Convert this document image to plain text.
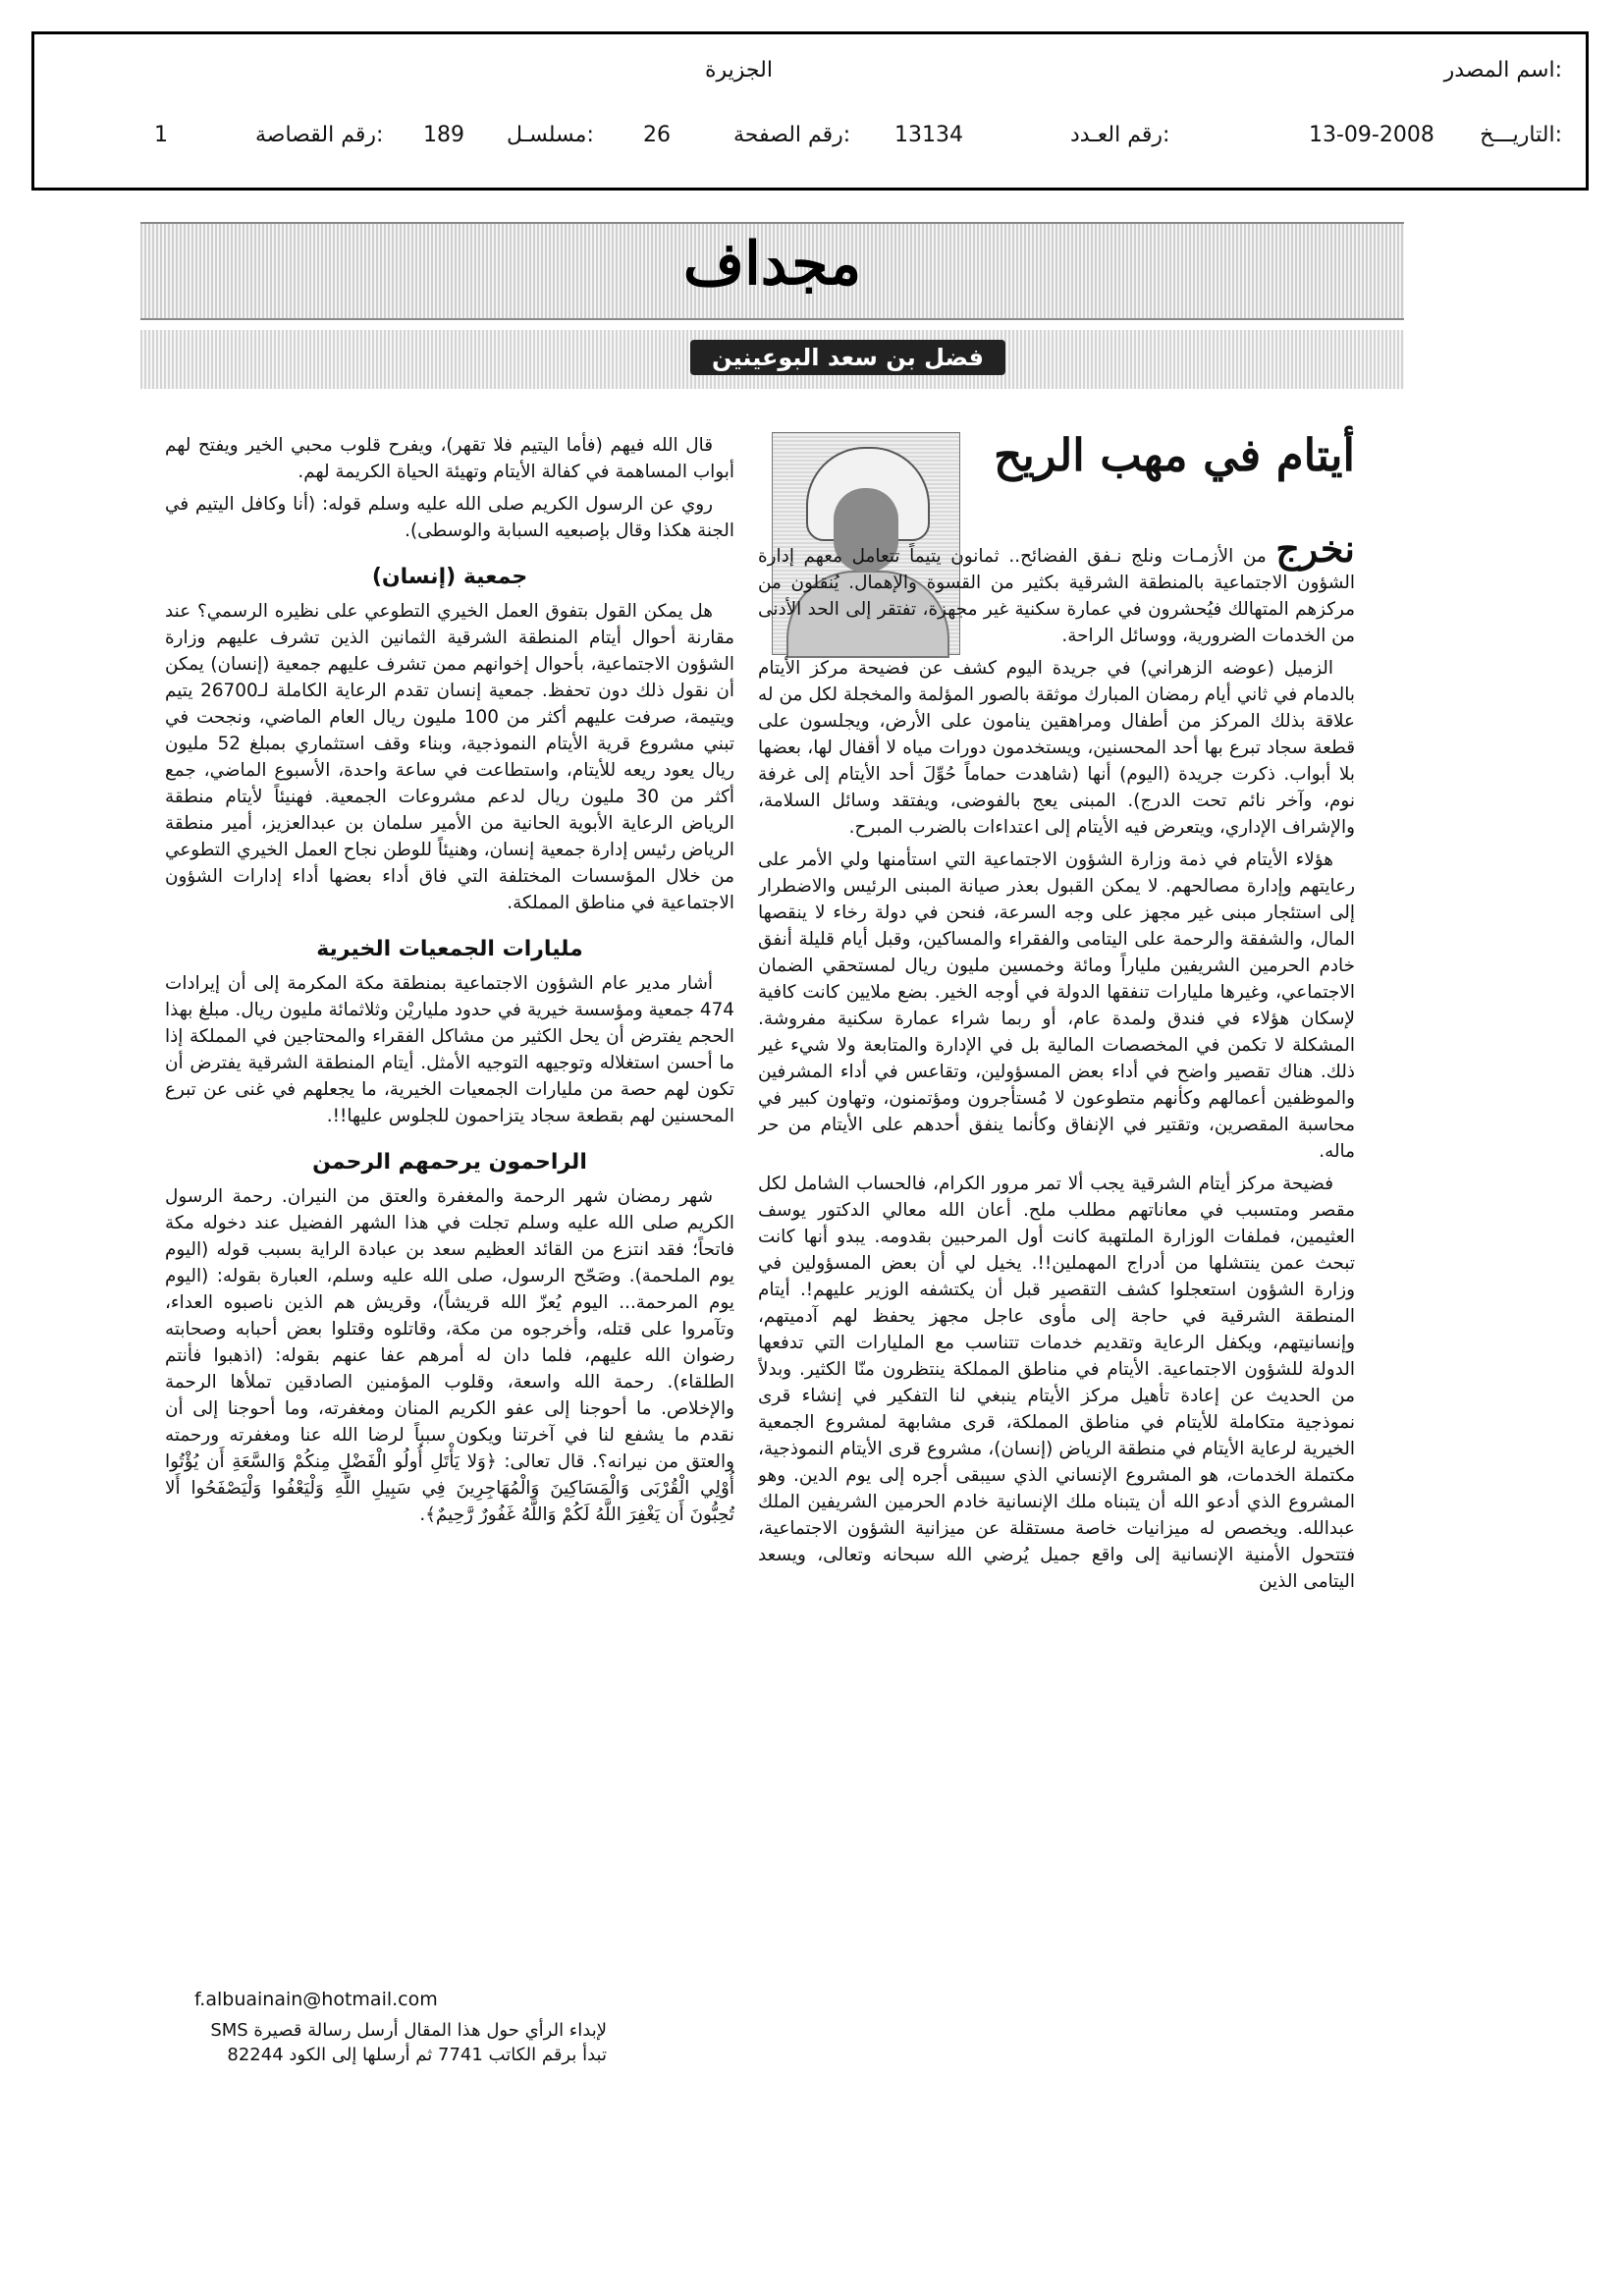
اسم المصدر:
الجزيرة
التاريـــخ:
13-09-2008
رقم العـدد:
13134
رقم الصفحة:
26
مسلسـل:
189
رقم القصاصة:
1
مجداف
فضل بن سعد البوعينين
أيتام في مهب الريح

نخرج من الأزمـات ونلج نـفق الفضائح.. ثمانون يتيماً تتعامل معهم إدارة الشؤون الاجتماعية بالمنطقة الشرقية بكثير من القسوة والإهمال. يُنقلون من مركزهم المتهالك فيُحشرون في عمارة سكنية غير مجهزة، تفتقر إلى الحد الأدنى من الخدمات الضرورية، ووسائل الراحة.

الزميل (عوضه الزهراني) في جريدة اليوم كشف عن فضيحة مركز الأيتام بالدمام في ثاني أيام رمضان المبارك موثقة بالصور المؤلمة والمخجلة لكل من له علاقة بذلك المركز من أطفال ومراهقين ينامون على الأرض، ويجلسون على قطعة سجاد تبرع بها أحد المحسنين، ويستخدمون دورات مياه لا أقفال لها، بعضها بلا أبواب. ذكرت جريدة (اليوم) أنها (شاهدت حماماً حُوِّلَ أحد الأيتام إلى غرفة نوم، وآخر نائم تحت الدرج). المبنى يعج بالفوضى، ويفتقد وسائل السلامة، والإشراف الإداري، ويتعرض فيه الأيتام إلى اعتداءات بالضرب المبرح.

هؤلاء الأيتام في ذمة وزارة الشؤون الاجتماعية التي استأمنها ولي الأمر على رعايتهم وإدارة مصالحهم. لا يمكن القبول بعذر صيانة المبنى الرئيس والاضطرار إلى استئجار مبنى غير مجهز على وجه السرعة، فنحن في دولة رخاء لا ينقصها المال، والشفقة والرحمة على اليتامى والفقراء والمساكين، وقبل أيام قليلة أنفق خادم الحرمين الشريفين ملياراً ومائة وخمسين مليون ريال لمستحقي الضمان الاجتماعي، وغيرها مليارات تنفقها الدولة في أوجه الخير. بضع ملايين كانت كافية لإسكان هؤلاء في فندق ولمدة عام، أو ربما شراء عمارة سكنية مفروشة. المشكلة لا تكمن في المخصصات المالية بل في الإدارة والمتابعة ولا شيء غير ذلك. هناك تقصير واضح في أداء بعض المسؤولين، وتقاعس في أداء المشرفين والموظفين أعمالهم وكأنهم متطوعون لا مُستأجرون ومؤتمنون، وتهاون كبير في محاسبة المقصرين، وتقتير في الإنفاق وكأنما ينفق أحدهم على الأيتام من حر ماله.

فضيحة مركز أيتام الشرقية يجب ألا تمر مرور الكرام، فالحساب الشامل لكل مقصر ومتسبب في معاناتهم مطلب ملح. أعان الله معالي الدكتور يوسف العثيمين، فملفات الوزارة الملتهبة كانت أول المرحبين بقدومه. يبدو أنها كانت تبحث عمن ينتشلها من أدراج المهملين!!. يخيل لي أن بعض المسؤولين في وزارة الشؤون استعجلوا كشف التقصير قبل أن يكتشفه الوزير عليهم!. أيتام المنطقة الشرقية في حاجة إلى مأوى عاجل مجهز يحفظ لهم آدميتهم، وإنسانيتهم، ويكفل الرعاية وتقديم خدمات تتناسب مع المليارات التي تدفعها الدولة للشؤون الاجتماعية. الأيتام في مناطق المملكة ينتظرون منّا الكثير. وبدلاً من الحديث عن إعادة تأهيل مركز الأيتام ينبغي لنا التفكير في إنشاء قرى نموذجية متكاملة للأيتام في مناطق المملكة، قرى مشابهة لمشروع الجمعية الخيرية لرعاية الأيتام في منطقة الرياض (إنسان)، مشروع قرى الأيتام النموذجية، مكتملة الخدمات، هو المشروع الإنساني الذي سيبقى أجره إلى يوم الدين. وهو المشروع الذي أدعو الله أن يتبناه ملك الإنسانية خادم الحرمين الشريفين الملك عبدالله. ويخصص له ميزانيات خاصة مستقلة عن ميزانية الشؤون الاجتماعية، فتتحول الأمنية الإنسانية إلى واقع جميل يُرضي الله سبحانه وتعالى، ويسعد اليتامى الذين

قال الله فيهم (فأما اليتيم فلا تقهر)، ويفرح قلوب محبي الخير ويفتح لهم أبواب المساهمة في كفالة الأيتام وتهيئة الحياة الكريمة لهم.

روي عن الرسول الكريم صلى الله عليه وسلم قوله: (أنا وكافل اليتيم في الجنة هكذا وقال بإصبعيه السبابة والوسطى).

جمعية (إنسان)

هل يمكن القول بتفوق العمل الخيري التطوعي على نظيره الرسمي؟ عند مقارنة أحوال أيتام المنطقة الشرقية الثمانين الذين تشرف عليهم وزارة الشؤون الاجتماعية، بأحوال إخوانهم ممن تشرف عليهم جمعية (إنسان) يمكن أن نقول ذلك دون تحفظ. جمعية إنسان تقدم الرعاية الكاملة لـ26700 يتيم ويتيمة، صرفت عليهم أكثر من 100 مليون ريال العام الماضي، ونجحت في تبني مشروع قرية الأيتام النموذجية، وبناء وقف استثماري بمبلغ 52 مليون ريال يعود ريعه للأيتام، واستطاعت في ساعة واحدة، الأسبوع الماضي، جمع أكثر من 30 مليون ريال لدعم مشروعات الجمعية. فهنيئاً لأيتام منطقة الرياض الرعاية الأبوية الحانية من الأمير سلمان بن عبدالعزيز، أمير منطقة الرياض رئيس إدارة جمعية إنسان، وهنيئاً للوطن نجاح العمل الخيري التطوعي من خلال المؤسسات المختلفة التي فاق أداء بعضها أداء إدارات الشؤون الاجتماعية في مناطق المملكة.

مليارات الجمعيات الخيرية

أشار مدير عام الشؤون الاجتماعية بمنطقة مكة المكرمة إلى أن إيرادات 474 جمعية ومؤسسة خيرية في حدود ملياريْن وثلاثمائة مليون ريال. مبلغ بهذا الحجم يفترض أن يحل الكثير من مشاكل الفقراء والمحتاجين في المملكة إذا ما أحسن استغلاله وتوجيهه التوجيه الأمثل. أيتام المنطقة الشرقية يفترض أن تكون لهم حصة من مليارات الجمعيات الخيرية، ما يجعلهم في غنى عن تبرع المحسنين لهم بقطعة سجاد يتزاحمون للجلوس عليها!!.

الراحمون يرحمهم الرحمن

شهر رمضان شهر الرحمة والمغفرة والعتق من النيران. رحمة الرسول الكريم صلى الله عليه وسلم تجلت في هذا الشهر الفضيل عند دخوله مكة فاتحاً؛ فقد انتزع من القائد العظيم سعد بن عبادة الراية بسبب قوله (اليوم يوم الملحمة). وصَحّح الرسول، صلى الله عليه وسلم، العبارة بقوله: (اليوم يوم المرحمة... اليوم يُعزّ الله قريشاً)، وقريش هم الذين ناصبوه العداء، وتآمروا على قتله، وأخرجوه من مكة، وقاتلوه وقتلوا بعض أحبابه وصحابته رضوان الله عليهم، فلما دان له أمرهم عفا عنهم بقوله: (اذهبوا فأنتم الطلقاء). رحمة الله واسعة، وقلوب المؤمنين الصادقين تملأها الرحمة والإخلاص. ما أحوجنا إلى عفو الكريم المنان ومغفرته، وما أحوجنا إلى أن نقدم ما يشفع لنا في آخرتنا ويكون سبباً لرضا الله عنا ومغفرته ورحمته والعتق من نيرانه؟. قال تعالى: ﴿وَلا يَأْتَلِ أُولُو الْفَضْلِ مِنكُمْ وَالسَّعَةِ أَن يُؤْتُوا أُوْلِي الْقُرْبَى وَالْمَسَاكِينَ وَالْمُهَاجِرِينَ فِي سَبِيلِ اللَّهِ وَلْيَعْفُوا وَلْيَصْفَحُوا أَلا تُحِبُّونَ أَن يَغْفِرَ اللَّهُ لَكُمْ وَاللَّهُ غَفُورٌ رَّحِيمٌ﴾.

f.albuainain@hotmail.com
لإبداء الرأي حول هذا المقال أرسل رسالة قصيرة SMS
تبدأ برقم الكاتب 7741 ثم أرسلها إلى الكود 82244
